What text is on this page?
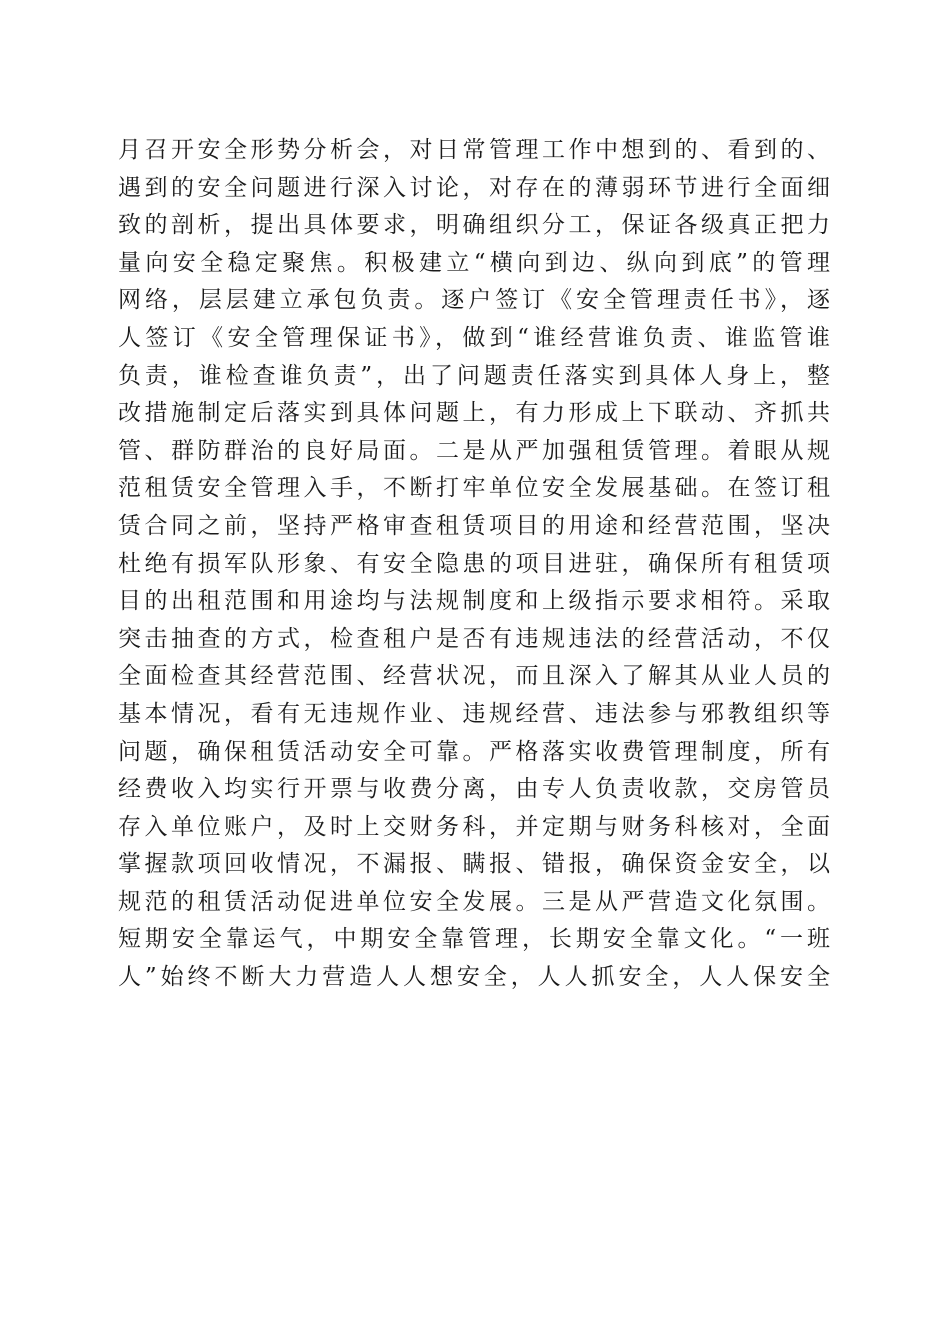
月召开安全形势分析会，对日常管理工作中想到的、看到的、
遇到的安全问题进行深入讨论，对存在的薄弱环节进行全面细
致的剖析，提出具体要求，明确组织分工，保证各级真正把力
量向安全稳定聚焦。积极建立“横向到边、纵向到底”的管理
网络，层层建立承包负责。逐户签订《安全管理责任书》，逐
人签订《安全管理保证书》，做到“谁经营谁负责、谁监管谁
负责，谁检查谁负责”，出了问题责任落实到具体人身上，整
改措施制定后落实到具体问题上，有力形成上下联动、齐抓共
管、群防群治的良好局面。二是从严加强租赁管理。着眼从规
范租赁安全管理入手，不断打牢单位安全发展基础。在签订租
赁合同之前，坚持严格审查租赁项目的用途和经营范围，坚决
杜绝有损军队形象、有安全隐患的项目进驻，确保所有租赁项
目的出租范围和用途均与法规制度和上级指示要求相符。采取
突击抽查的方式，检查租户是否有违规违法的经营活动，不仅
全面检查其经营范围、经营状况，而且深入了解其从业人员的
基本情况，看有无违规作业、违规经营、违法参与邪教组织等
问题，确保租赁活动安全可靠。严格落实收费管理制度，所有
经费收入均实行开票与收费分离，由专人负责收款，交房管员
存入单位账户，及时上交财务科，并定期与财务科核对，全面
掌握款项回收情况，不漏报、瞒报、错报，确保资金安全，以
规范的租赁活动促进单位安全发展。三是从严营造文化氛围。
短期安全靠运气，中期安全靠管理，长期安全靠文化。“一班
人”始终不断大力营造人人想安全，人人抓安全，人人保安全
